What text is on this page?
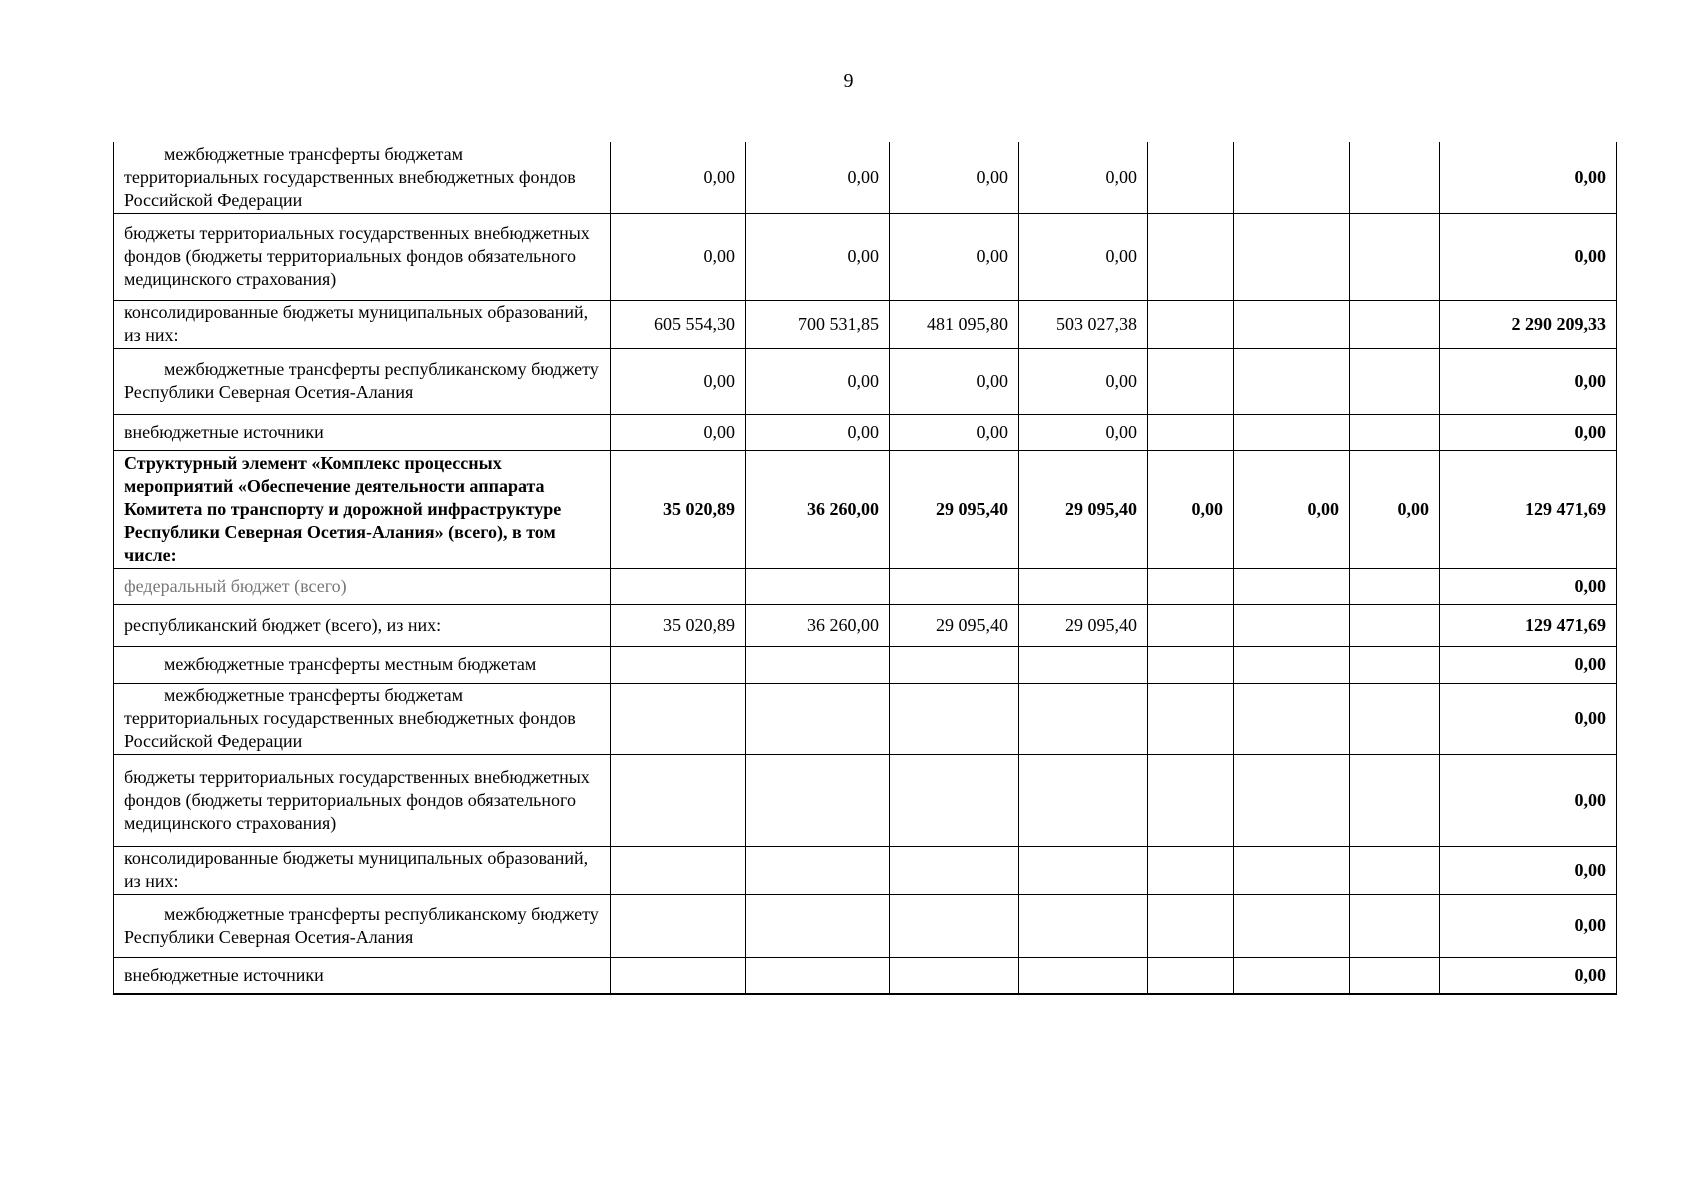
9
межбюджетные трансферты бюджетам территориальных государственных внебюджетных фондов Российской Федерации	0,00	0,00	0,00	0,00				0,00
бюджеты территориальных государственных внебюджетных фондов (бюджеты территориальных фондов обязательного медицинского страхования)	0,00	0,00	0,00	0,00				0,00
консолидированные бюджеты муниципальных образований, из них:	605 554,30	700 531,85	481 095,80	503 027,38				2 290 209,33
межбюджетные трансферты республиканскому бюджету Республики Северная Осетия-Алания	0,00	0,00	0,00	0,00				0,00
внебюджетные источники	0,00	0,00	0,00	0,00				0,00
Структурный элемент «Комплекс процессных мероприятий «Обеспечение деятельности аппарата Комитета по транспорту и дорожной инфраструктуре Республики Северная Осетия-Алания» (всего), в том числе:	35 020,89	36 260,00	29 095,40	29 095,40	0,00	0,00	0,00	129 471,69
федеральный бюджет (всего)								0,00
республиканский бюджет (всего), из них:	35 020,89	36 260,00	29 095,40	29 095,40				129 471,69
межбюджетные трансферты местным бюджетам								0,00
межбюджетные трансферты бюджетам территориальных государственных внебюджетных фондов Российской Федерации								0,00
бюджеты территориальных государственных внебюджетных фондов (бюджеты территориальных фондов обязательного медицинского страхования)								0,00
консолидированные бюджеты муниципальных образований, из них:								0,00
межбюджетные трансферты республиканскому бюджету Республики Северная Осетия-Алания								0,00
внебюджетные источники								0,00
